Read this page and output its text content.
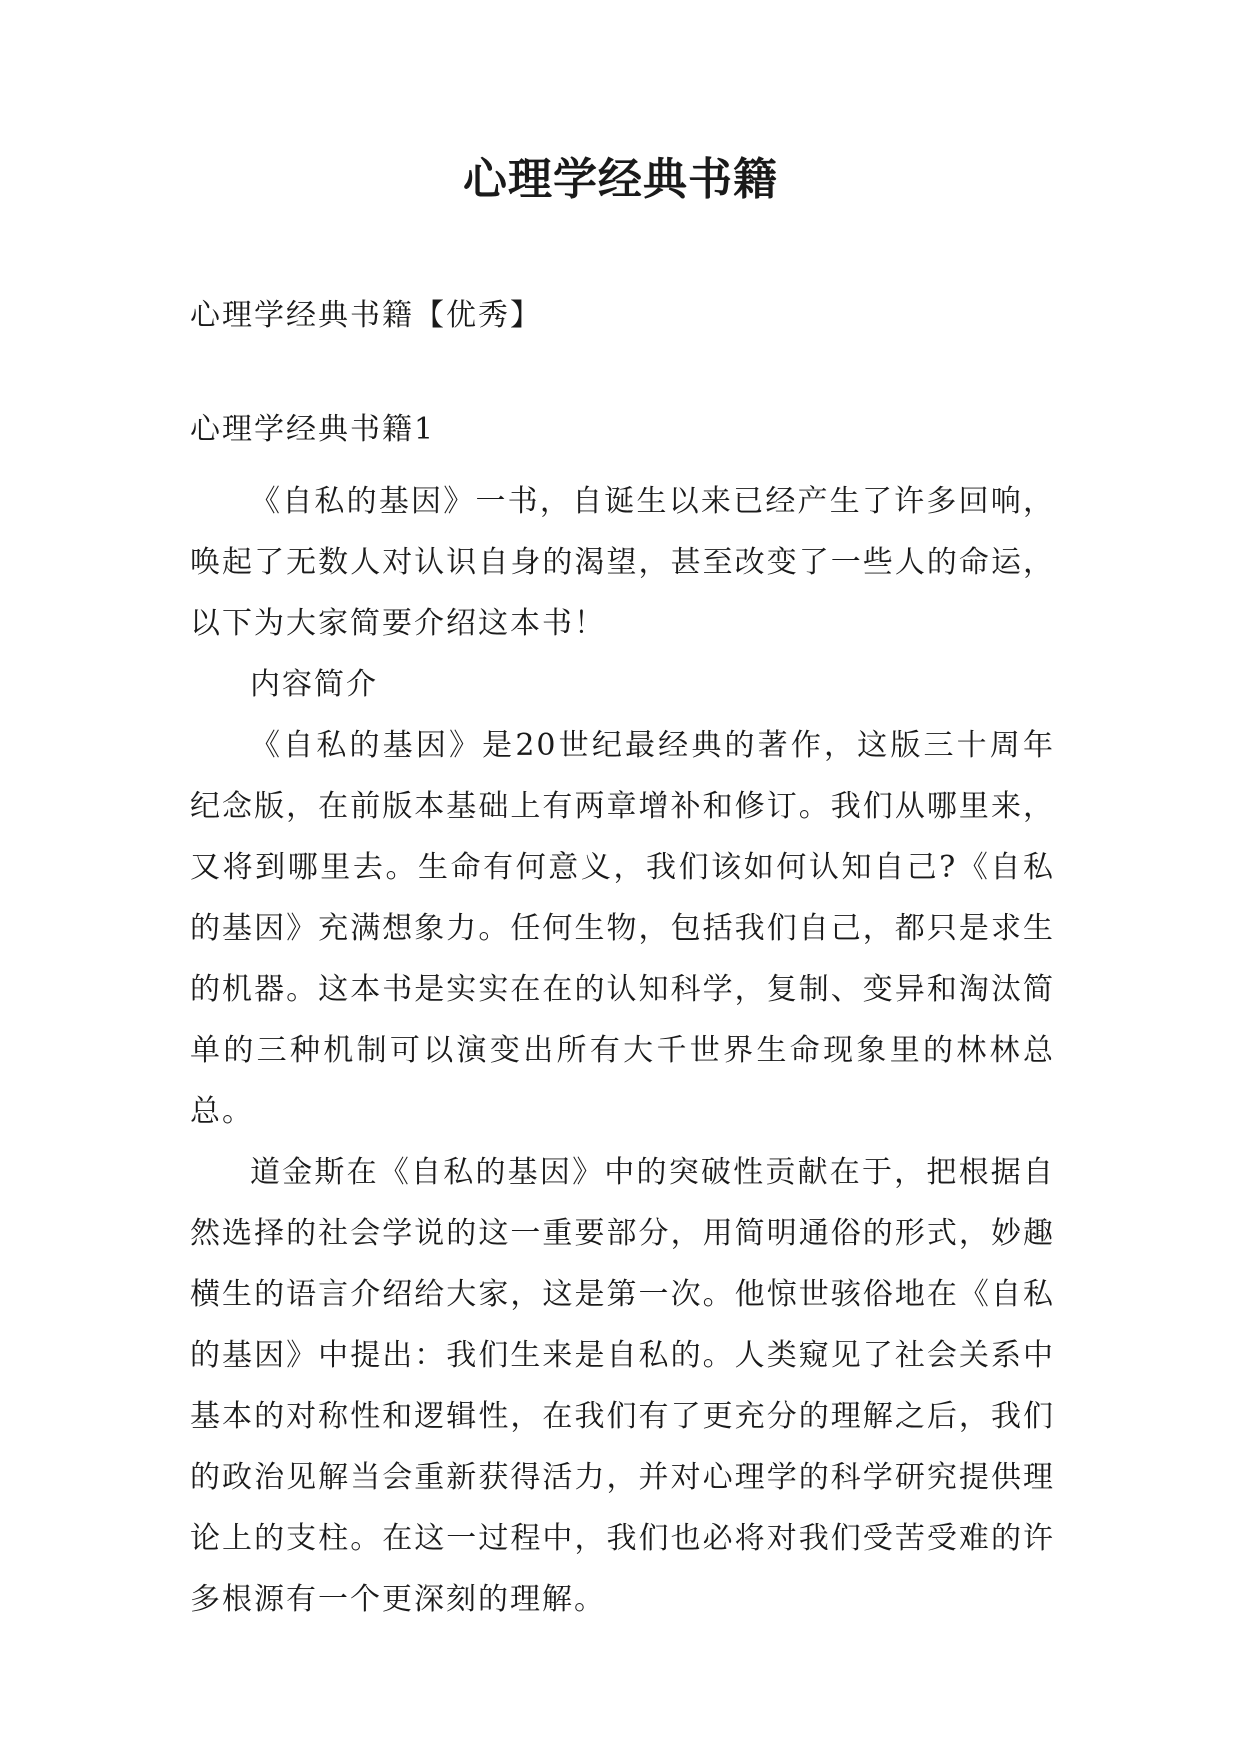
心理学经典书籍
心理学经典书籍【优秀】
心理学经典书籍1

《自私的基因》一书，自诞生以来已经产生了许多回响，唤起了无数人对认识自身的渴望，甚至改变了一些人的命运，以下为大家简要介绍这本书！

内容简介

《自私的基因》是20世纪最经典的著作，这版三十周年纪念版，在前版本基础上有两章增补和修订。我们从哪里来，又将到哪里去。生命有何意义，我们该如何认知自己?《自私的基因》充满想象力。任何生物，包括我们自己，都只是求生的机器。这本书是实实在在的认知科学，复制、变异和淘汰简单的三种机制可以演变出所有大千世界生命现象里的林林总总。

道金斯在《自私的基因》中的突破性贡献在于，把根据自然选择的社会学说的这一重要部分，用简明通俗的形式，妙趣横生的语言介绍给大家，这是第一次。他惊世骇俗地在《自私的基因》中提出：我们生来是自私的。人类窥见了社会关系中基本的对称性和逻辑性，在我们有了更充分的理解之后，我们的政治见解当会重新获得活力，并对心理学的科学研究提供理论上的支柱。在这一过程中，我们也必将对我们受苦受难的许多根源有一个更深刻的理解。
